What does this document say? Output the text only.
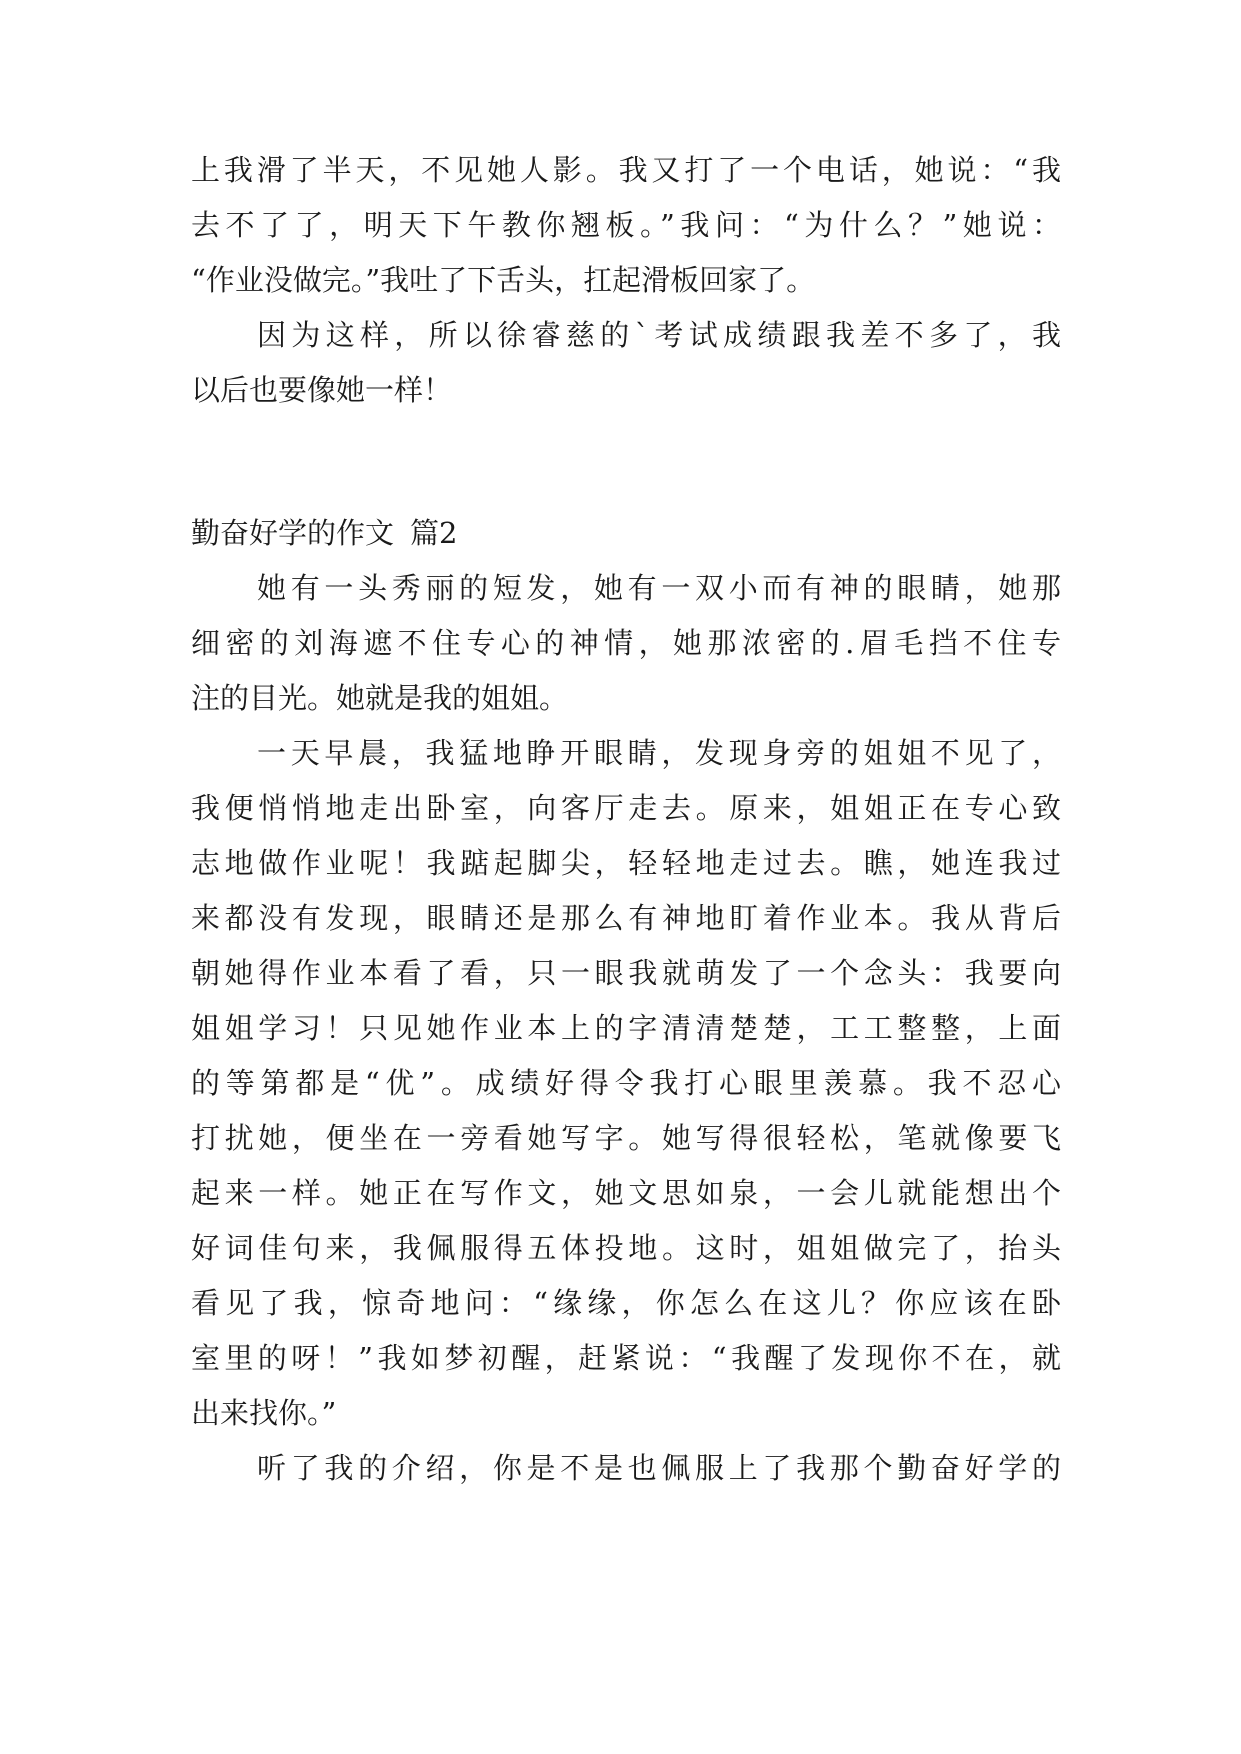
上我滑了半天，不见她人影。我又打了一个电话，她说：“我
去不了了，明天下午教你翘板。”我问：“为什么？”她说：
“作业没做完。”我吐了下舌头，扛起滑板回家了。
因为这样，所以徐睿慈的`考试成绩跟我差不多了，我
以后也要像她一样！
勤奋好学的作文 篇2
她有一头秀丽的短发，她有一双小而有神的眼睛，她那
细密的刘海遮不住专心的神情，她那浓密的.眉毛挡不住专
注的目光。她就是我的姐姐。
一天早晨，我猛地睁开眼睛，发现身旁的姐姐不见了，
我便悄悄地走出卧室，向客厅走去。原来，姐姐正在专心致
志地做作业呢！我踮起脚尖，轻轻地走过去。瞧，她连我过
来都没有发现，眼睛还是那么有神地盯着作业本。我从背后
朝她得作业本看了看，只一眼我就萌发了一个念头：我要向
姐姐学习！只见她作业本上的字清清楚楚，工工整整，上面
的等第都是“优”。成绩好得令我打心眼里羡慕。我不忍心
打扰她，便坐在一旁看她写字。她写得很轻松，笔就像要飞
起来一样。她正在写作文，她文思如泉，一会儿就能想出个
好词佳句来，我佩服得五体投地。这时，姐姐做完了，抬头
看见了我，惊奇地问：“缘缘，你怎么在这儿？你应该在卧
室里的呀！”我如梦初醒，赶紧说：“我醒了发现你不在，就
出来找你。”
听了我的介绍，你是不是也佩服上了我那个勤奋好学的
